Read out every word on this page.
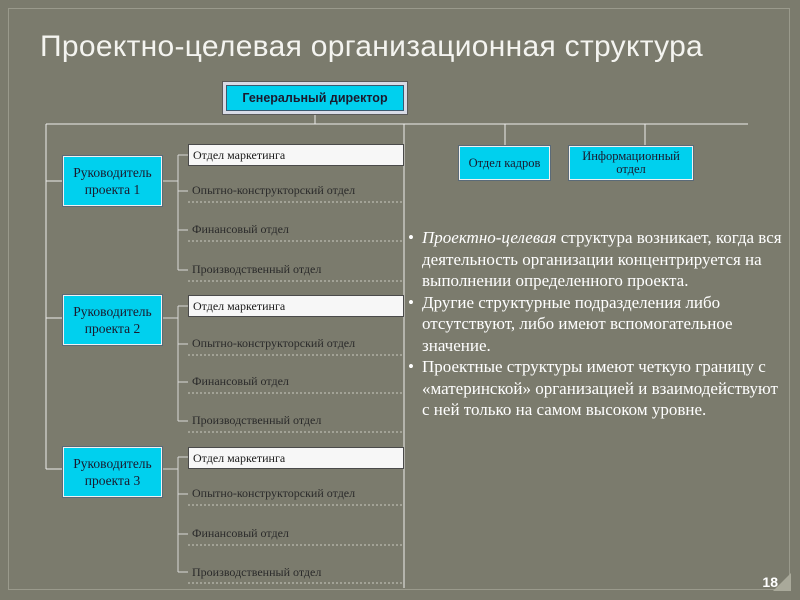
Проектно-целевая организационная структура
Генеральный директор
Отдел кадров	Информационный отдел
Руководитель проекта 1
Отдел маркетинга
Опытно-конструкторский отдел
Финансовый отдел
Производственный отдел
Руководитель проекта 2
Отдел маркетинга
Опытно-конструкторский отдел
Финансовый отдел
Производственный отдел
Руководитель проекта 3
Отдел маркетинга
Опытно-конструкторский отдел
Финансовый отдел
Производственный отдел
• Проектно-целевая структура возникает, когда вся деятельность организации концентрируется на выполнении определенного проекта.
• Другие структурные подразделения либо отсутствуют, либо имеют вспомогательное значение.
• Проектные структуры имеют четкую границу с «материнской» организацией и взаимодействуют с ней только на самом высоком уровне.
18
